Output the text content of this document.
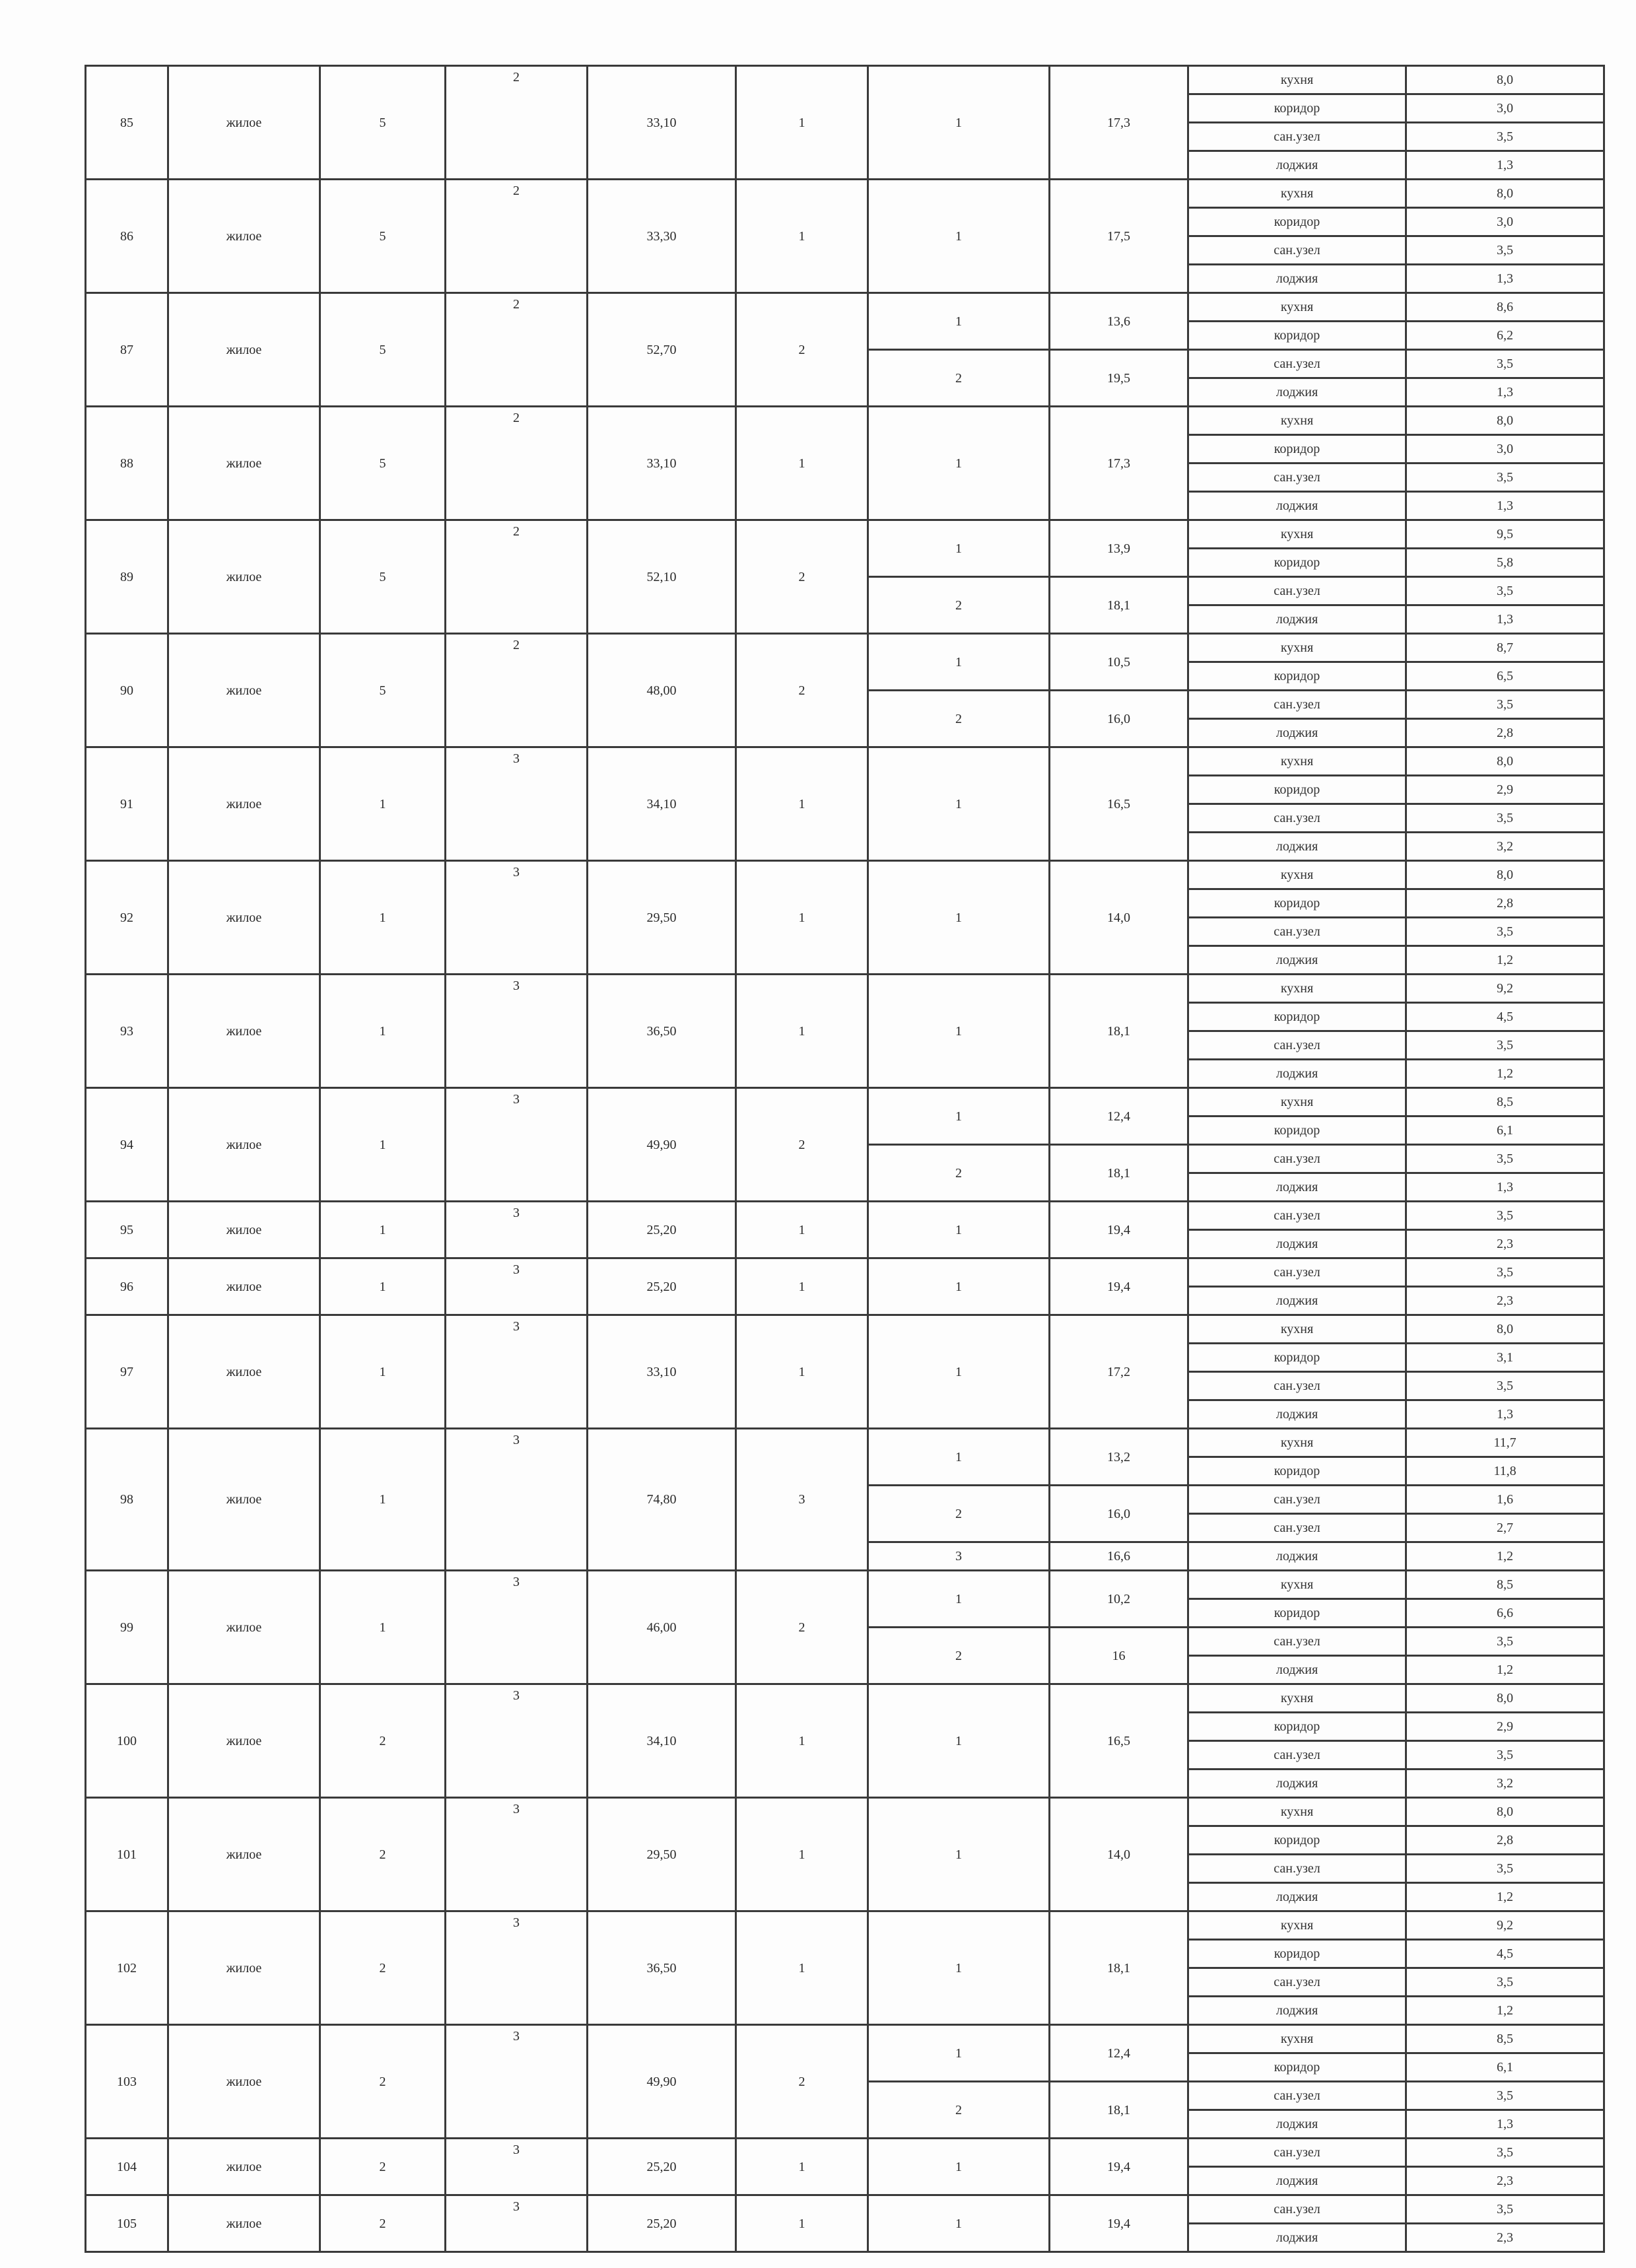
85	жилое	5	2	33,10	1	1	17,3	кухня	8,0
								коридор	3,0
								сан.узел	3,5
								лоджия	1,3
86	жилое	5	2	33,30	1	1	17,5	кухня	8,0
								коридор	3,0
								сан.узел	3,5
								лоджия	1,3
87	жилое	5	2	52,70	2	1	13,6	кухня	8,6
								коридор	6,2
						2	19,5	сан.узел	3,5
								лоджия	1,3
88	жилое	5	2	33,10	1	1	17,3	кухня	8,0
								коридор	3,0
								сан.узел	3,5
								лоджия	1,3
89	жилое	5	2	52,10	2	1	13,9	кухня	9,5
								коридор	5,8
						2	18,1	сан.узел	3,5
								лоджия	1,3
90	жилое	5	2	48,00	2	1	10,5	кухня	8,7
								коридор	6,5
						2	16,0	сан.узел	3,5
								лоджия	2,8
91	жилое	1	3	34,10	1	1	16,5	кухня	8,0
								коридор	2,9
								сан.узел	3,5
								лоджия	3,2
92	жилое	1	3	29,50	1	1	14,0	кухня	8,0
								коридор	2,8
								сан.узел	3,5
								лоджия	1,2
93	жилое	1	3	36,50	1	1	18,1	кухня	9,2
								коридор	4,5
								сан.узел	3,5
								лоджия	1,2
94	жилое	1	3	49,90	2	1	12,4	кухня	8,5
								коридор	6,1
						2	18,1	сан.узел	3,5
								лоджия	1,3
95	жилое	1	3	25,20	1	1	19,4	сан.узел	3,5
								лоджия	2,3
96	жилое	1	3	25,20	1	1	19,4	сан.узел	3,5
								лоджия	2,3
97	жилое	1	3	33,10	1	1	17,2	кухня	8,0
								коридор	3,1
								сан.узел	3,5
								лоджия	1,3
98	жилое	1	3	74,80	3	1	13,2	кухня	11,7
								коридор	11,8
						2	16,0	сан.узел	1,6
								сан.узел	2,7
						3	16,6	лоджия	1,2
99	жилое	1	3	46,00	2	1	10,2	кухня	8,5
								коридор	6,6
						2	16	сан.узел	3,5
								лоджия	1,2
100	жилое	2	3	34,10	1	1	16,5	кухня	8,0
								коридор	2,9
								сан.узел	3,5
								лоджия	3,2
101	жилое	2	3	29,50	1	1	14,0	кухня	8,0
								коридор	2,8
								сан.узел	3,5
								лоджия	1,2
102	жилое	2	3	36,50	1	1	18,1	кухня	9,2
								коридор	4,5
								сан.узел	3,5
								лоджия	1,2
103	жилое	2	3	49,90	2	1	12,4	кухня	8,5
								коридор	6,1
						2	18,1	сан.узел	3,5
								лоджия	1,3
104	жилое	2	3	25,20	1	1	19,4	сан.узел	3,5
								лоджия	2,3
105	жилое	2	3	25,20	1	1	19,4	сан.узел	3,5
								лоджия	2,3
